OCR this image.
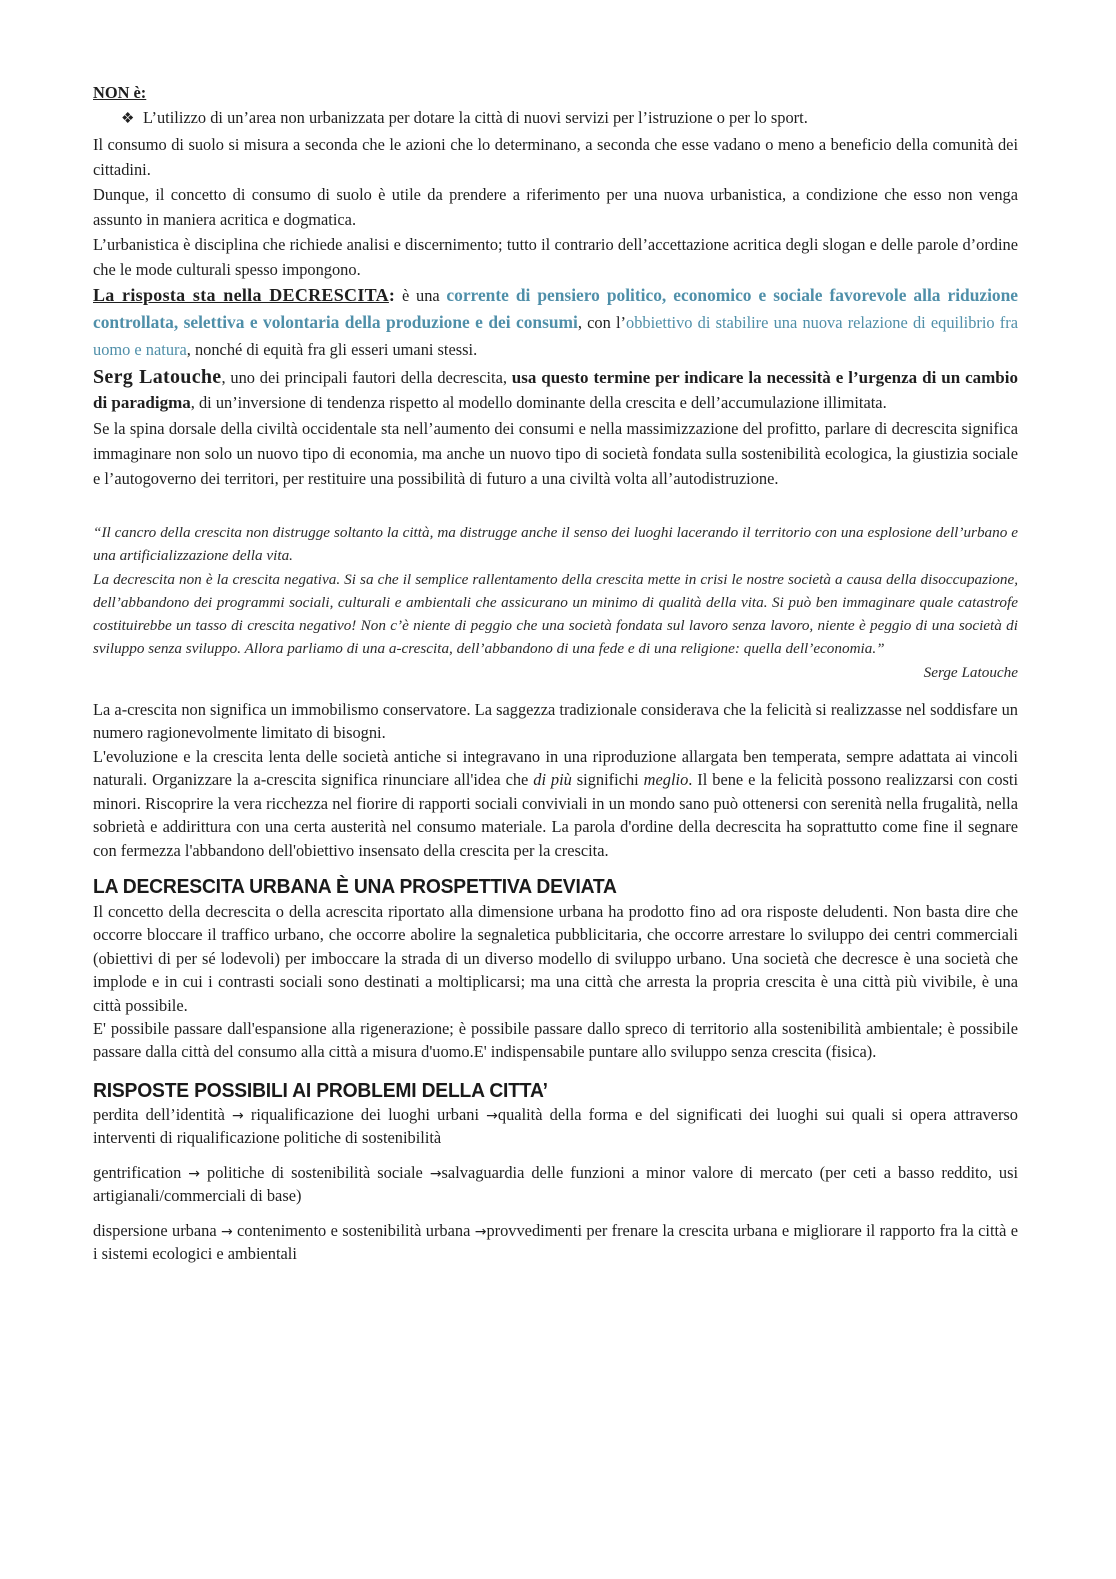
NON è:

❖ L’utilizzo di un’area non urbanizzata per dotare la città di nuovi servizi per l’istruzione o per lo sport.

Il consumo di suolo si misura a seconda che le azioni che lo determinano, a seconda che esse vadano o meno a beneficio della comunità dei cittadini.

Dunque, il concetto di consumo di suolo è utile da prendere a riferimento per una nuova urbanistica, a condizione che esso non venga assunto in maniera acritica e dogmatica.

L’urbanistica è disciplina che richiede analisi e discernimento; tutto il contrario dell’accettazione acritica degli slogan e delle parole d’ordine che le mode culturali spesso impongono.

La risposta sta nella DECRESCITA: è una corrente di pensiero politico, economico e sociale favorevole alla riduzione controllata, selettiva e volontaria della produzione e dei consumi, con l’obbiettivo di stabilire una nuova relazione di equilibrio fra uomo e natura, nonché di equità fra gli esseri umani stessi.

Serg Latouche, uno dei principali fautori della decrescita, usa questo termine per indicare la necessità e l’urgenza di un cambio di paradigma, di un’inversione di tendenza rispetto al modello dominante della crescita e dell’accumulazione illimitata.

Se la spina dorsale della civiltà occidentale sta nell’aumento dei consumi e nella massimizzazione del profitto, parlare di decrescita significa immaginare non solo un nuovo tipo di economia, ma anche un nuovo tipo di società fondata sulla sostenibilità ecologica, la giustizia sociale e l’autogoverno dei territori, per restituire una possibilità di futuro a una civiltà volta all’autodistruzione.

“Il cancro della crescita non distrugge soltanto la città, ma distrugge anche il senso dei luoghi lacerando il territorio con una esplosione dell’urbano e una artificializzazione della vita.

La decrescita non è la crescita negativa. Si sa che il semplice rallentamento della crescita mette in crisi le nostre società a causa della disoccupazione, dell’abbandono dei programmi sociali, culturali e ambientali che assicurano un minimo di qualità della vita. Si può ben immaginare quale catastrofe costituirebbe un tasso di crescita negativo! Non c’è niente di peggio che una società fondata sul lavoro senza lavoro, niente è peggio di una società di sviluppo senza sviluppo. Allora parliamo di una a-crescita, dell’abbandono di una fede e di una religione: quella dell’economia.”

Serge Latouche

La a-crescita non significa un immobilismo conservatore. La saggezza tradizionale considerava che la felicità si realizzasse nel soddisfare un numero ragionevolmente limitato di bisogni.

L'evoluzione e la crescita lenta delle società antiche si integravano in una riproduzione allargata ben temperata, sempre adattata ai vincoli naturali. Organizzare la a-crescita significa rinunciare all'idea che di più significhi meglio. Il bene e la felicità possono realizzarsi con costi minori. Riscoprire la vera ricchezza nel fiorire di rapporti sociali conviviali in un mondo sano può ottenersi con serenità nella frugalità, nella sobrietà e addirittura con una certa austerità nel consumo materiale. La parola d'ordine della decrescita ha soprattutto come fine il segnare con fermezza l'abbandono dell'obiettivo insensato della crescita per la crescita.

LA DECRESCITA URBANA È UNA PROSPETTIVA DEVIATA

Il concetto della decrescita o della acrescita riportato alla dimensione urbana ha prodotto fino ad ora risposte deludenti. Non basta dire che occorre bloccare il traffico urbano, che occorre abolire la segnaletica pubblicitaria, che occorre arrestare lo sviluppo dei centri commerciali (obiettivi di per sé lodevoli) per imboccare la strada di un diverso modello di sviluppo urbano. Una società che decresce è una società che implode e in cui i contrasti sociali sono destinati a moltiplicarsi; ma una città che arresta la propria crescita è una città più vivibile, è una città possibile.

E' possibile passare dall'espansione alla rigenerazione; è possibile passare dallo spreco di territorio alla sostenibilità ambientale; è possibile passare dalla città del consumo alla città a misura d'uomo.E' indispensabile puntare allo sviluppo senza crescita (fisica).

RISPOSTE POSSIBILI AI PROBLEMI DELLA CITTA’

perdita dell’identità → riqualificazione dei luoghi urbani →qualità della forma e del significati dei luoghi sui quali si opera attraverso interventi di riqualificazione politiche di sostenibilità

gentrification → politiche di sostenibilità sociale →salvaguardia delle funzioni a minor valore di mercato (per ceti a basso reddito, usi artigianali/commerciali di base)

dispersione urbana → contenimento e sostenibilità urbana →provvedimenti per frenare la crescita urbana e migliorare il rapporto fra la città e i sistemi ecologici e ambientali
